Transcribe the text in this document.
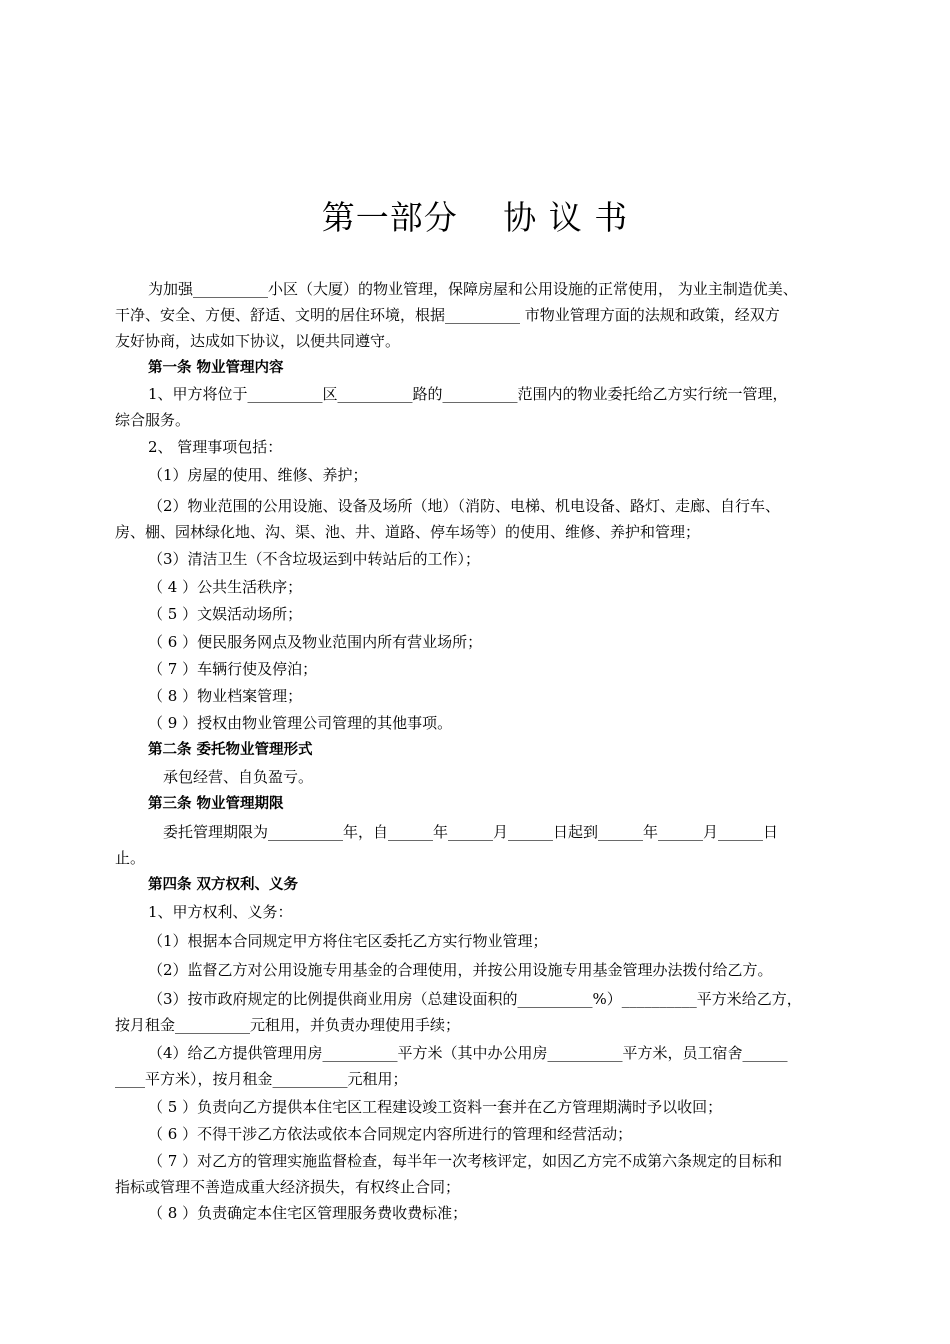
第一部分　 协 议 书
为加强__________小区（大厦）的物业管理，保障房屋和公用设施的正常使用， 为业主制造优美、
干净、安全、方便、舒适、文明的居住环境，根据__________ 市物业管理方面的法规和政策，经双方
友好协商，达成如下协议，以便共同遵守。
第一条 物业管理内容
1、甲方将位于__________区__________路的__________范围内的物业委托给乙方实行统一管理，
综合服务。
2、 管理事项包括：
（1）房屋的使用、维修、养护；
（2）物业范围的公用设施、设备及场所（地）（消防、电梯、机电设备、路灯、走廊、自行车、
房、棚、园林绿化地、沟、渠、池、井、道路、停车场等）的使用、维修、养护和管理；
（3）清洁卫生（不含垃圾运到中转站后的工作）；
（ 4 ）公共生活秩序；
（ 5 ）文娱活动场所；
（ 6 ）便民服务网点及物业范围内所有营业场所；
（ 7 ）车辆行使及停泊；
（ 8 ）物业档案管理；
（ 9 ）授权由物业管理公司管理的其他事项。
第二条 委托物业管理形式
承包经营、自负盈亏。
第三条 物业管理期限
委托管理期限为__________年，自______年______月______日起到______年______月______日
止。
第四条 双方权利、义务
1、甲方权利、义务：
（1）根据本合同规定甲方将住宅区委托乙方实行物业管理；
（2）监督乙方对公用设施专用基金的合理使用，并按公用设施专用基金管理办法拨付给乙方。
（3）按市政府规定的比例提供商业用房（总建设面积的__________%）__________平方米给乙方，
按月租金__________元租用，并负责办理使用手续；
（4）给乙方提供管理用房__________平方米（其中办公用房__________平方米，员工宿舍______
____平方米），按月租金__________元租用；
（ 5 ）负责向乙方提供本住宅区工程建设竣工资料一套并在乙方管理期满时予以收回；
（ 6 ）不得干涉乙方依法或依本合同规定内容所进行的管理和经营活动；
（ 7 ）对乙方的管理实施监督检查，每半年一次考核评定，如因乙方完不成第六条规定的目标和
指标或管理不善造成重大经济损失，有权终止合同；
（ 8 ）负责确定本住宅区管理服务费收费标准；
